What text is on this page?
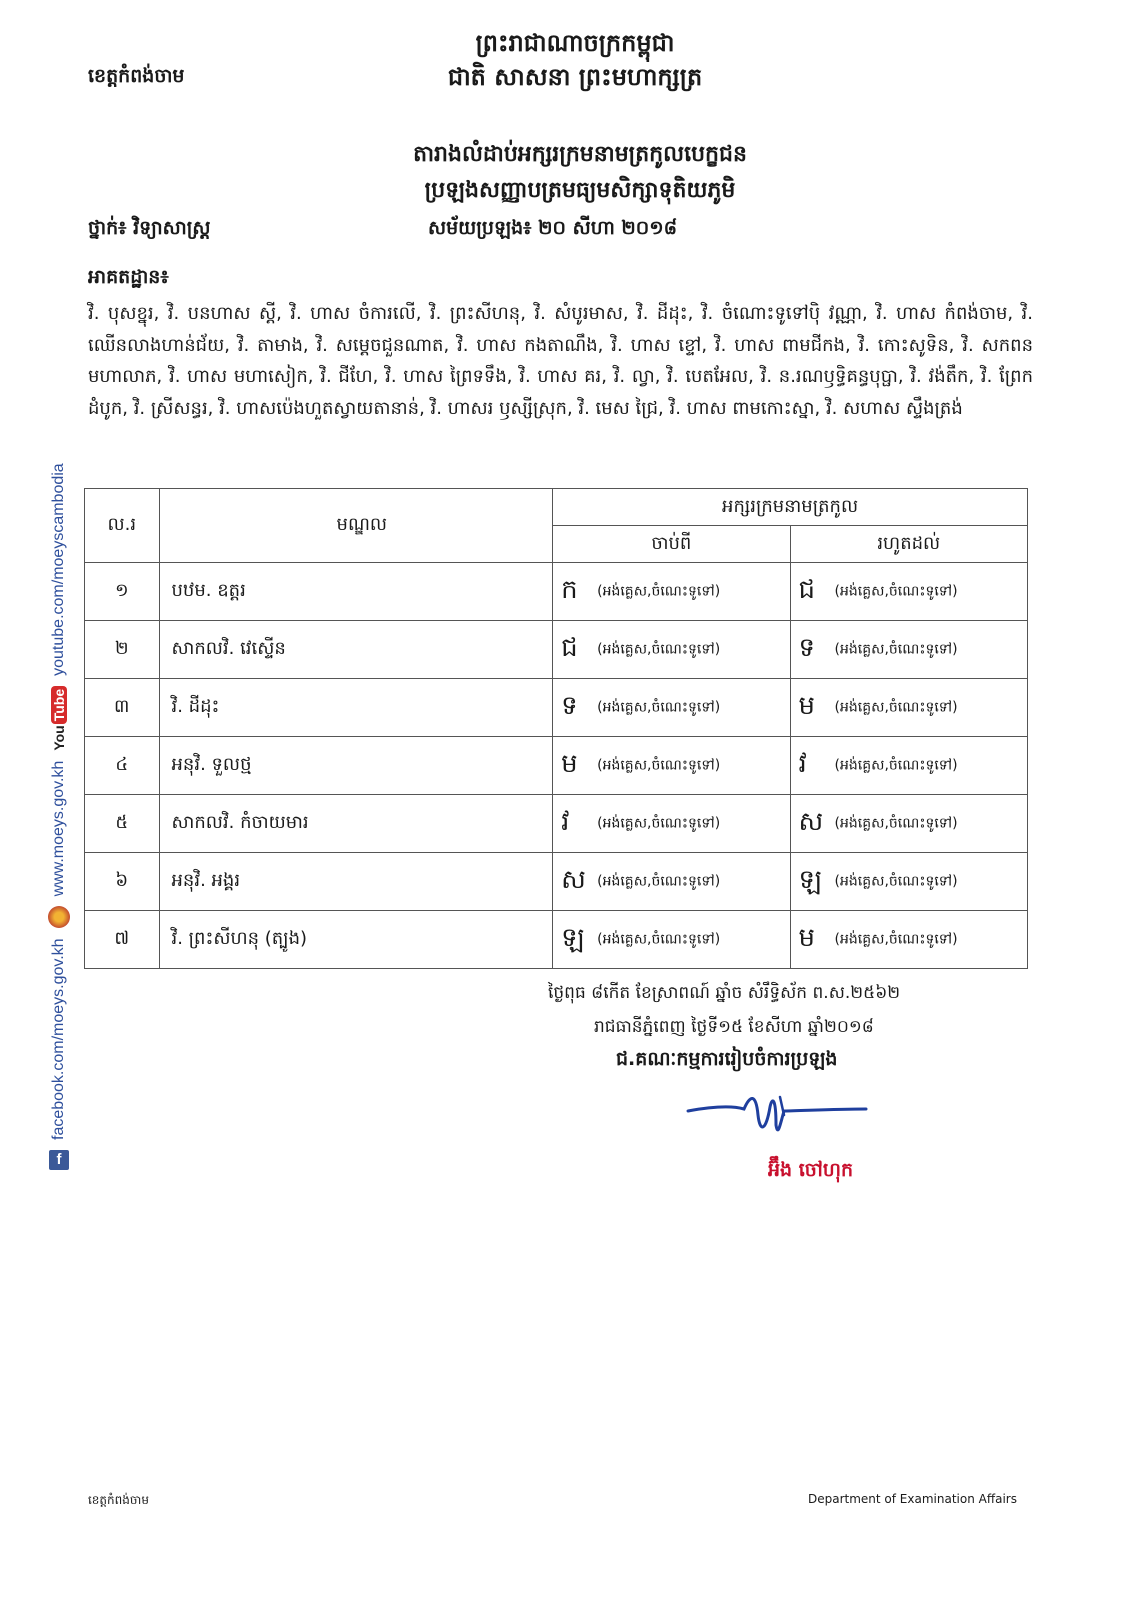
ព្រះរាជាណាចក្រកម្ពុជា
ជាតិ សាសនា ព្រះមហាក្សត្រ
ខេត្តកំពង់ចាម
តារាងលំដាប់អក្សរក្រមនាមត្រកូលបេក្ខជន
ប្រឡងសញ្ញាបត្រមធ្យមសិក្សាទុតិយភូមិ
ថ្នាក់៖ វិទ្យាសាស្ត្រ	សម័យប្រឡង៖ ២០ សីហា ២០១៨
អាគតដ្ឋាន៖
វិ. បុសខ្នុរ, វិ. បនហាស ស្តី, វិ. ហាស ចំការលើ, វិ. ព្រះសីហនុ, វិ. សំបូរមាស, វិ. ដីដុះ, វិ. ចំណោះទូទៅប៉ិ វណ្ណា, វិ. ហាស កំពង់ចាម, វិ. ឈើនលាងហាន់ជ័យ, វិ. តាមាង, វិ. សម្តេចជួនណាត, វិ. ហាស កងតាណឹង, វិ. ហាស ខ្ទៅ, វិ. ហាស ពាមជីកង, វិ. កោះសូទិន, វិ. សកពន មហាលាភ, វិ. ហាស មហាសៀក, វិ. ជីហែ, វិ. ហាស ព្រៃទទឹង, វិ. ហាស គរ, វិ. ល្វា, វិ. បេតអែល, វិ. ន.រណឫទ្ធិគន្ធបុប្ផា, វិ. វង់តឹក, វិ. ព្រែកដំបូក, វិ. ស្រីសន្ធរ, វិ. ហាសប៉េងហួតស្វាយតានាន់, វិ. ហាសរ ឫស្សីស្រុក, វិ. មេស ជ្រៃ, វិ. ហាស ពាមកោះស្នា, វិ. សហាស ស្ទឹងត្រង់
ល.រ	មណ្ឌល	អក្សរក្រមនាមត្រកូល	
		ចាប់ពី	រហូតដល់
១	បឋម. ឧត្តរ	ក (អង់គ្លេស,ចំណេះទូទៅ)	ជ (អង់គ្លេស,ចំណេះទូទៅ)
២	សាកលវិ. វេស្ទើន	ជ (អង់គ្លេស,ចំណេះទូទៅ)	ទ (អង់គ្លេស,ចំណេះទូទៅ)
៣	វិ. ដីដុះ	ទ (អង់គ្លេស,ចំណេះទូទៅ)	ម (អង់គ្លេស,ចំណេះទូទៅ)
៤	អនុវិ. ទួលថ្ម	ម (អង់គ្លេស,ចំណេះទូទៅ)	វ (អង់គ្លេស,ចំណេះទូទៅ)
៥	សាកលវិ. កំចាយមារ	វ (អង់គ្លេស,ចំណេះទូទៅ)	ស (អង់គ្លេស,ចំណេះទូទៅ)
៦	អនុវិ. អង្គរ	ស (អង់គ្លេស,ចំណេះទូទៅ)	ឡ (អង់គ្លេស,ចំណេះទូទៅ)
៧	វិ. ព្រះសីហនុ (ត្បូង)	ឡ (អង់គ្លេស,ចំណេះទូទៅ)	ម (អង់គ្លេស,ចំណេះទូទៅ)
ថ្ងៃពុធ ៨កើត ខែស្រាពណ៍ ឆ្នាំច សំរឹទ្ធិស័ក ព.ស.២៥៦២
រាជធានីភ្នំពេញ ថ្ងៃទី១៥ ខែសីហា ឆ្នាំ២០១៨
ជ.គណៈកម្មការរៀបចំការប្រឡង
អ៊ឹង ចៅហុក
ខេត្តកំពង់ចាម	Department of Examination Affairs
f
facebook.com/moeys.gov.kh
www.moeys.gov.kh
You
Tube
youtube.com/moeyscambodia
